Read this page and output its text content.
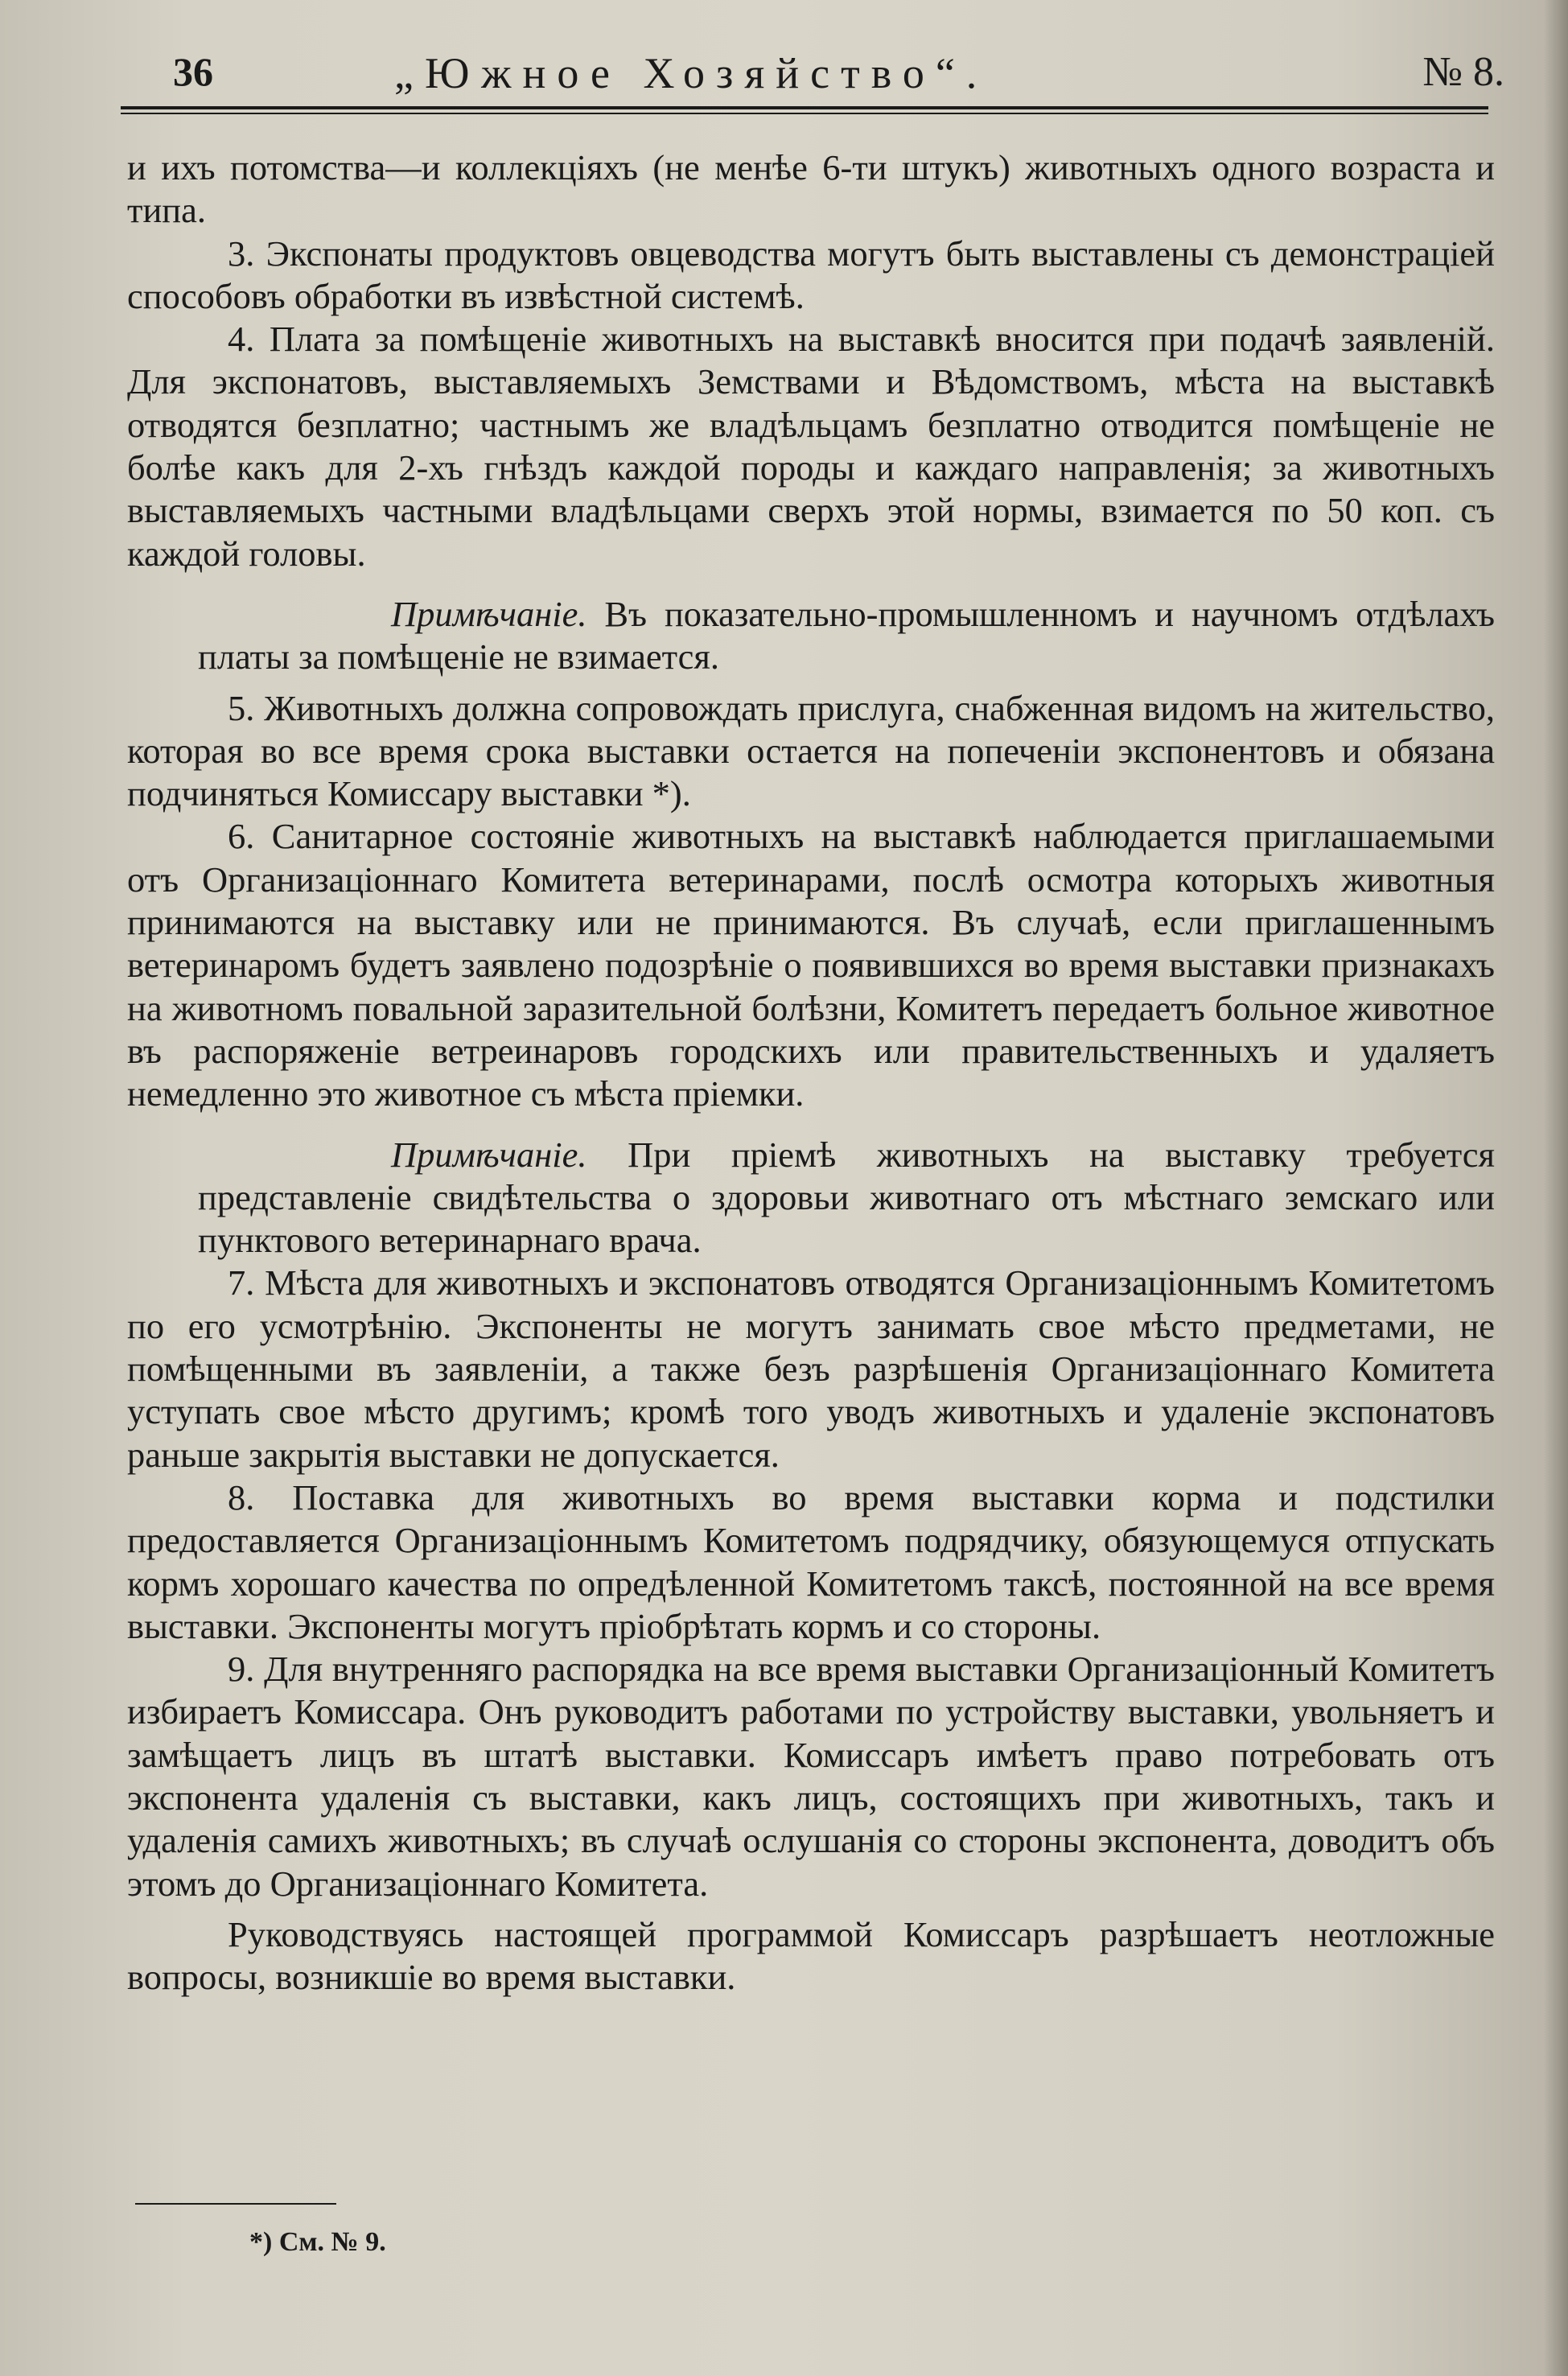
36	„Южное Хозяйство“.	№ 8.

и ихъ потомства—и коллекціяхъ (не менѣе 6-ти штукъ) животныхъ одного возраста и типа.

3. Экспонаты продуктовъ овцеводства могутъ быть выставлены съ демонстраціей способовъ обработки въ извѣстной системѣ.

4. Плата за помѣщеніе животныхъ на выставкѣ вносится при подачѣ заявленій. Для экспонатовъ, выставляемыхъ Земствами и Вѣдомствомъ, мѣста на выставкѣ отводятся безплатно; частнымъ же владѣльцамъ безплатно отводится помѣщеніе не болѣе какъ для 2-хъ гнѣздъ каждой породы и каждаго направленія; за животныхъ выставляемыхъ частными владѣльцами сверхъ этой нормы, взимается по 50 коп. съ каждой головы.

Примѣчаніе. Въ показательно-промышленномъ и научномъ отдѣлахъ платы за помѣщеніе не взимается.

5. Животныхъ должна сопровождать прислуга, снабженная видомъ на жительство, которая во все время срока выставки остается на попеченіи экспонентовъ и обязана подчиняться Комиссару выставки *).

6. Санитарное состояніе животныхъ на выставкѣ наблюдается приглашаемыми отъ Организаціоннаго Комитета ветеринарами, послѣ осмотра которыхъ животныя принимаются на выставку или не принимаются. Въ случаѣ, если приглашеннымъ ветеринаромъ будетъ заявлено подозрѣніе о появившихся во время выставки признакахъ на животномъ повальной заразительной болѣзни, Комитетъ передаетъ больное животное въ распоряженіе ветреинаровъ городскихъ или правительственныхъ и удаляетъ немедленно это животное съ мѣста пріемки.

Примѣчаніе. При пріемѣ животныхъ на выставку требуется представленіе свидѣтельства о здоровьи животнаго отъ мѣстнаго земскаго или пунктового ветеринарнаго врача.

7. Мѣста для животныхъ и экспонатовъ отводятся Организаціоннымъ Комитетомъ по его усмотрѣнію. Экспоненты не могутъ занимать свое мѣсто предметами, не помѣщенными въ заявленіи, а также безъ разрѣшенія Организаціоннаго Комитета уступать свое мѣсто другимъ; кромѣ того уводъ животныхъ и удаленіе экспонатовъ раньше закрытія выставки не допускается.

8. Поставка для животныхъ во время выставки корма и подстилки предоставляется Организаціоннымъ Комитетомъ подрядчику, обязующемуся отпускать кормъ хорошаго качества по опредѣленной Комитетомъ таксѣ, постоянной на все время выставки. Экспоненты могутъ пріобрѣтать кормъ и со стороны.

9. Для внутренняго распорядка на все время выставки Организаціонный Комитетъ избираетъ Комиссара. Онъ руководитъ работами по устройству выставки, увольняетъ и замѣщаетъ лицъ въ штатѣ выставки. Комиссаръ имѣетъ право потребовать отъ экспонента удаленія съ выставки, какъ лицъ, состоящихъ при животныхъ, такъ и удаленія самихъ животныхъ; въ случаѣ ослушанія со стороны экспонента, доводитъ объ этомъ до Организаціоннаго Комитета.

Руководствуясь настоящей программой Комиссаръ разрѣшаетъ неотложные вопросы, возникшіе во время выставки.

*) См. № 9.
